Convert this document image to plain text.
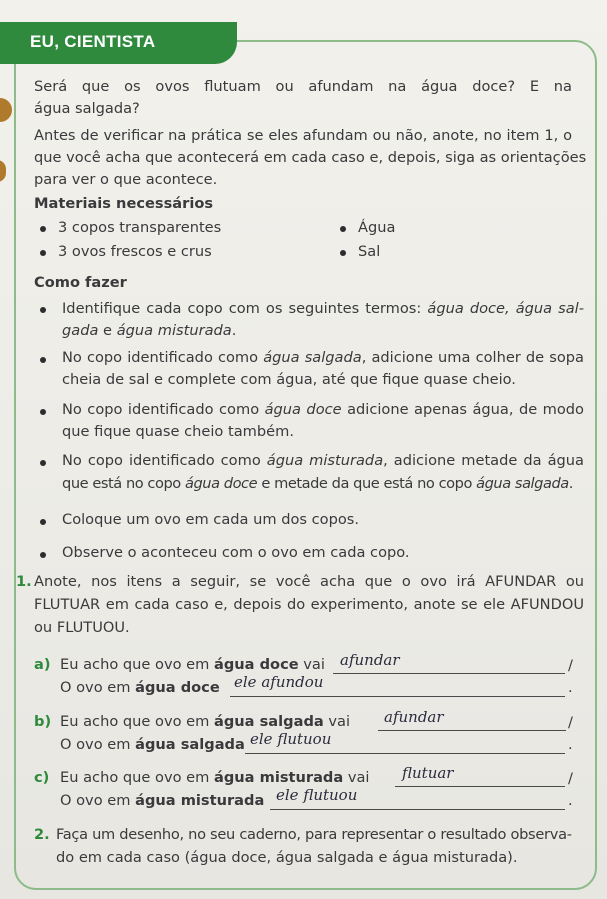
EU, CIENTISTA
Será que os ovos flutuam ou afundam na água doce? E na
água salgada?
Antes de verificar na prática se eles afundam ou não, anote, no item 1, o
que você acha que acontecerá em cada caso e, depois, siga as orientações
para ver o que acontece.
Materiais necessários
3 copos transparentes	Água
3 ovos frescos e crus	Sal
Como fazer
Identifique cada copo com os seguintes termos: água doce, água sal-
gada e água misturada.
No copo identificado como água salgada, adicione uma colher de sopa
cheia de sal e complete com água, até que fique quase cheio.
No copo identificado como água doce adicione apenas água, de modo
que fique quase cheio também.
No copo identificado como água misturada, adicione metade da água
que está no copo água doce e metade da que está no copo água salgada.
Coloque um ovo em cada um dos copos.
Observe o aconteceu com o ovo em cada copo.
1. Anote, nos itens a seguir, se você acha que o ovo irá AFUNDAR ou
FLUTUAR em cada caso e, depois do experimento, anote se ele AFUNDOU
ou FLUTUOU.
a) Eu acho que ovo em água doce vai afundar	/
O ovo em água doce ele afundou	.
b) Eu acho que ovo em água salgada vai afundar	/
O ovo em água salgada ele flutuou	.
c) Eu acho que ovo em água misturada vai flutuar	/
O ovo em água misturada ele flutuou	.
2. Faça um desenho, no seu caderno, para representar o resultado observa-
do em cada caso (água doce, água salgada e água misturada).
